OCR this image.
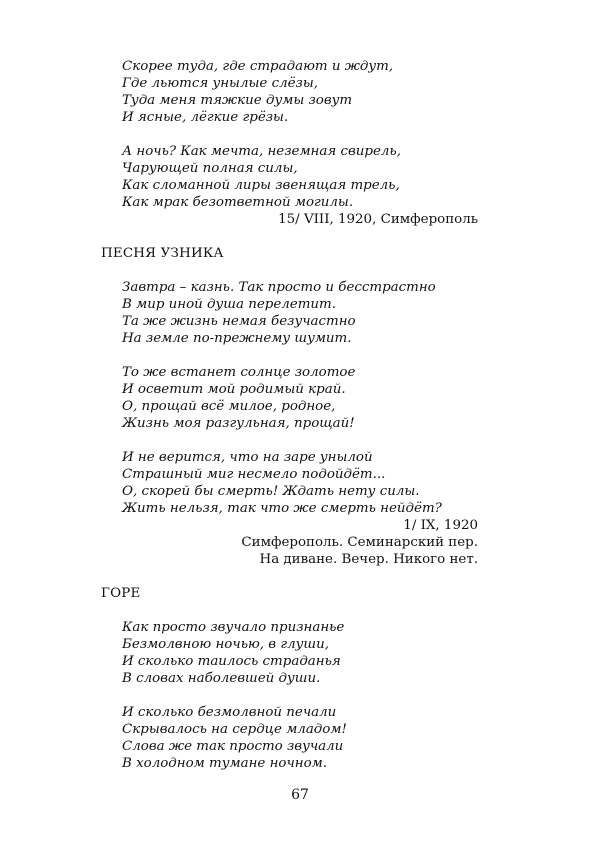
Скорее туда, где страдают и ждут,
Где льются унылые слёзы,
Туда меня тяжкие думы зовут
И ясные, лёгкие грёзы.
А ночь? Как мечта, неземная свирель,
Чарующей полная силы,
Как сломанной лиры звенящая трель,
Как мрак безответной могилы.
15/ VIII, 1920, Симферополь
ПЕСНЯ УЗНИКА
Завтра – казнь. Так просто и бесстрастно
В мир иной душа перелетит.
Та же жизнь немая безучастно
На земле по-прежнему шумит.
То же встанет солнце золотое
И осветит мой родимый край.
О, прощай всё милое, родное,
Жизнь моя разгульная, прощай!
И не верится, что на заре унылой
Страшный миг несмело подойдёт...
О, скорей бы смерть! Ждать нету силы.
Жить нельзя, так что же смерть нейдёт?
1/ IX, 1920
Симферополь. Семинарский пер.
На диване. Вечер. Никого нет.
ГОРЕ
Как просто звучало признанье
Безмолвною ночью, в глуши,
И сколько таилось страданья
В словах наболевшей души.
И сколько безмолвной печали
Скрывалось на сердце младом!
Слова же так просто звучали
В холодном тумане ночном.
67
